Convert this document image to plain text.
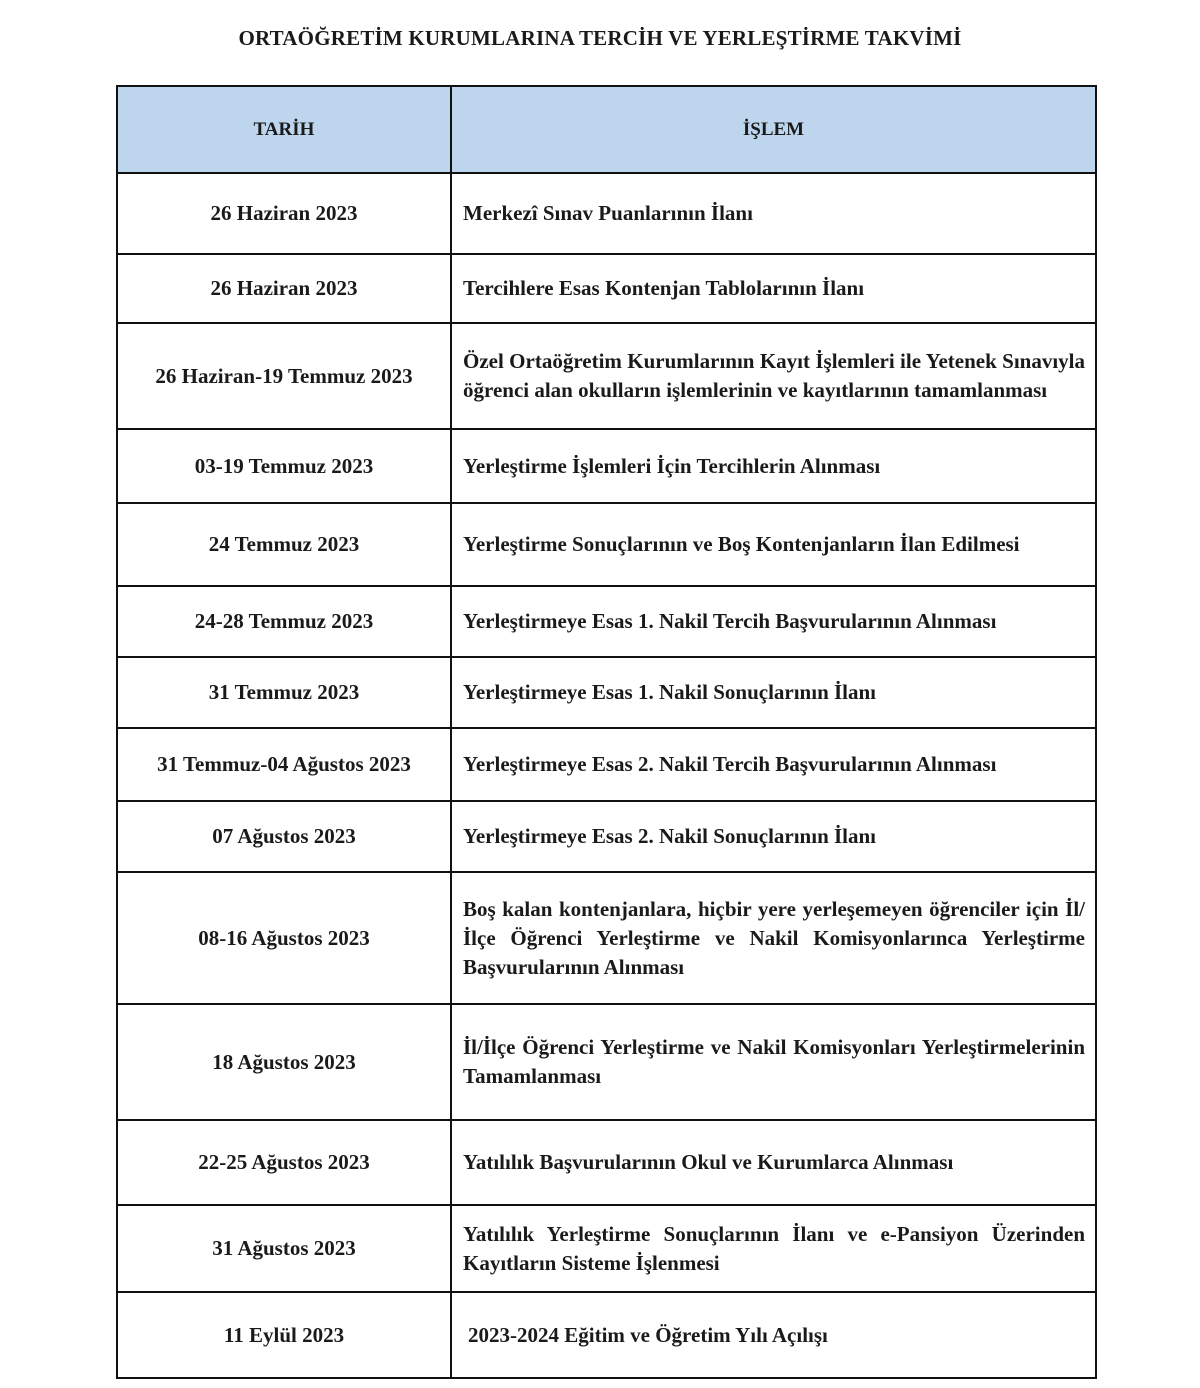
ORTAÖĞRETİM KURUMLARINA TERCİH VE YERLEŞTİRME TAKVİMİ
TARİH	İŞLEM
26 Haziran 2023	Merkezî Sınav Puanlarının İlanı
26 Haziran 2023	Tercihlere Esas Kontenjan Tablolarının İlanı
26 Haziran-19 Temmuz 2023	Özel Ortaöğretim Kurumlarının Kayıt İşlemleri ile Yetenek Sınavıyla öğrenci alan okulların işlemlerinin ve kayıtlarının tamamlanması
03-19 Temmuz 2023	Yerleştirme İşlemleri İçin Tercihlerin Alınması
24 Temmuz 2023	Yerleştirme Sonuçlarının ve Boş Kontenjanların İlan Edilmesi
24-28 Temmuz 2023	Yerleştirmeye Esas 1. Nakil Tercih Başvurularının Alınması
31 Temmuz 2023	Yerleştirmeye Esas 1. Nakil Sonuçlarının İlanı
31 Temmuz-04 Ağustos 2023	Yerleştirmeye Esas 2. Nakil Tercih Başvurularının Alınması
07 Ağustos 2023	Yerleştirmeye Esas 2. Nakil Sonuçlarının İlanı
08-16 Ağustos 2023	Boş kalan kontenjanlara, hiçbir yere yerleşemeyen öğrenciler için İl/İlçe Öğrenci Yerleştirme ve Nakil Komisyonlarınca Yerleştirme Başvurularının Alınması
18 Ağustos 2023	İl/İlçe Öğrenci Yerleştirme ve Nakil Komisyonları Yerleştirmelerinin Tamamlanması
22-25 Ağustos 2023	Yatılılık Başvurularının Okul ve Kurumlarca Alınması
31 Ağustos 2023	Yatılılık Yerleştirme Sonuçlarının İlanı ve e-Pansiyon Üzerinden Kayıtların Sisteme İşlenmesi
11 Eylül 2023	2023-2024 Eğitim ve Öğretim Yılı Açılışı
